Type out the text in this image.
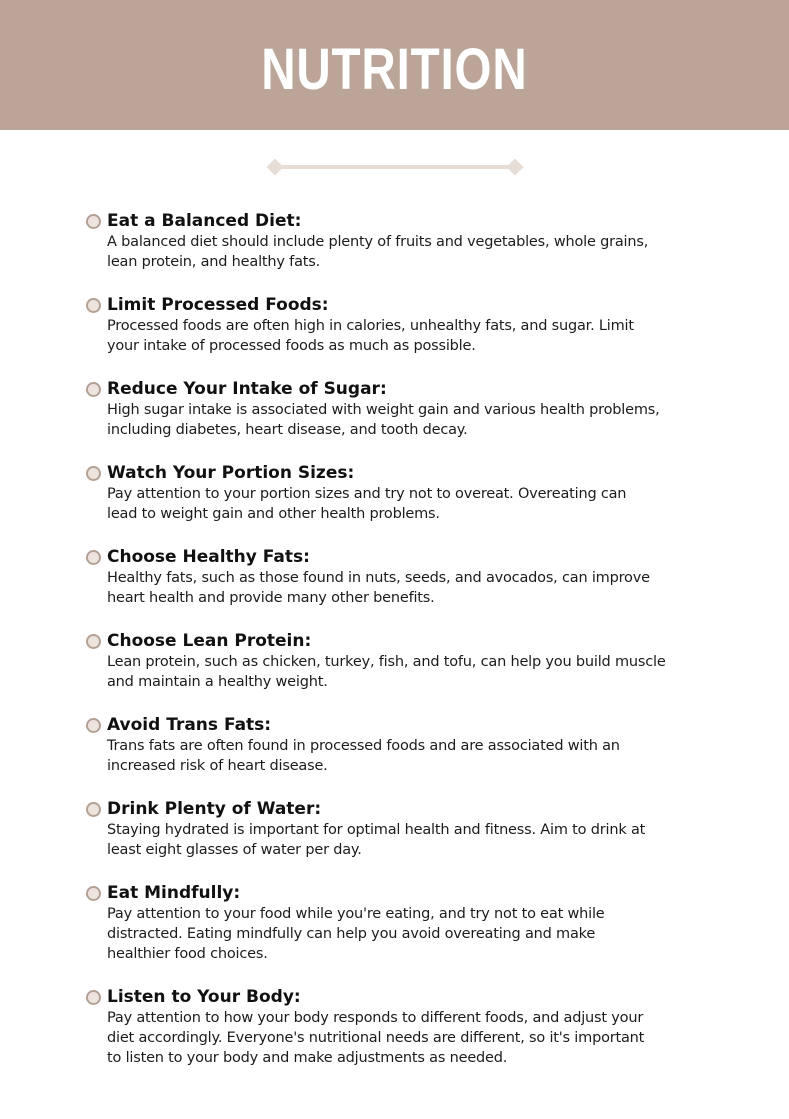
NUTRITION
Eat a Balanced Diet:
A balanced diet should include plenty of fruits and vegetables, whole grains,
lean protein, and healthy fats.
Limit Processed Foods:
Processed foods are often high in calories, unhealthy fats, and sugar. Limit
your intake of processed foods as much as possible.
Reduce Your Intake of Sugar:
High sugar intake is associated with weight gain and various health problems,
including diabetes, heart disease, and tooth decay.
Watch Your Portion Sizes:
Pay attention to your portion sizes and try not to overeat. Overeating can
lead to weight gain and other health problems.
Choose Healthy Fats:
Healthy fats, such as those found in nuts, seeds, and avocados, can improve
heart health and provide many other benefits.
Choose Lean Protein:
Lean protein, such as chicken, turkey, fish, and tofu, can help you build muscle
and maintain a healthy weight.
Avoid Trans Fats:
Trans fats are often found in processed foods and are associated with an
increased risk of heart disease.
Drink Plenty of Water:
Staying hydrated is important for optimal health and fitness. Aim to drink at
least eight glasses of water per day.
Eat Mindfully:
Pay attention to your food while you're eating, and try not to eat while
distracted. Eating mindfully can help you avoid overeating and make
healthier food choices.
Listen to Your Body:
Pay attention to how your body responds to different foods, and adjust your
diet accordingly. Everyone's nutritional needs are different, so it's important
to listen to your body and make adjustments as needed.
